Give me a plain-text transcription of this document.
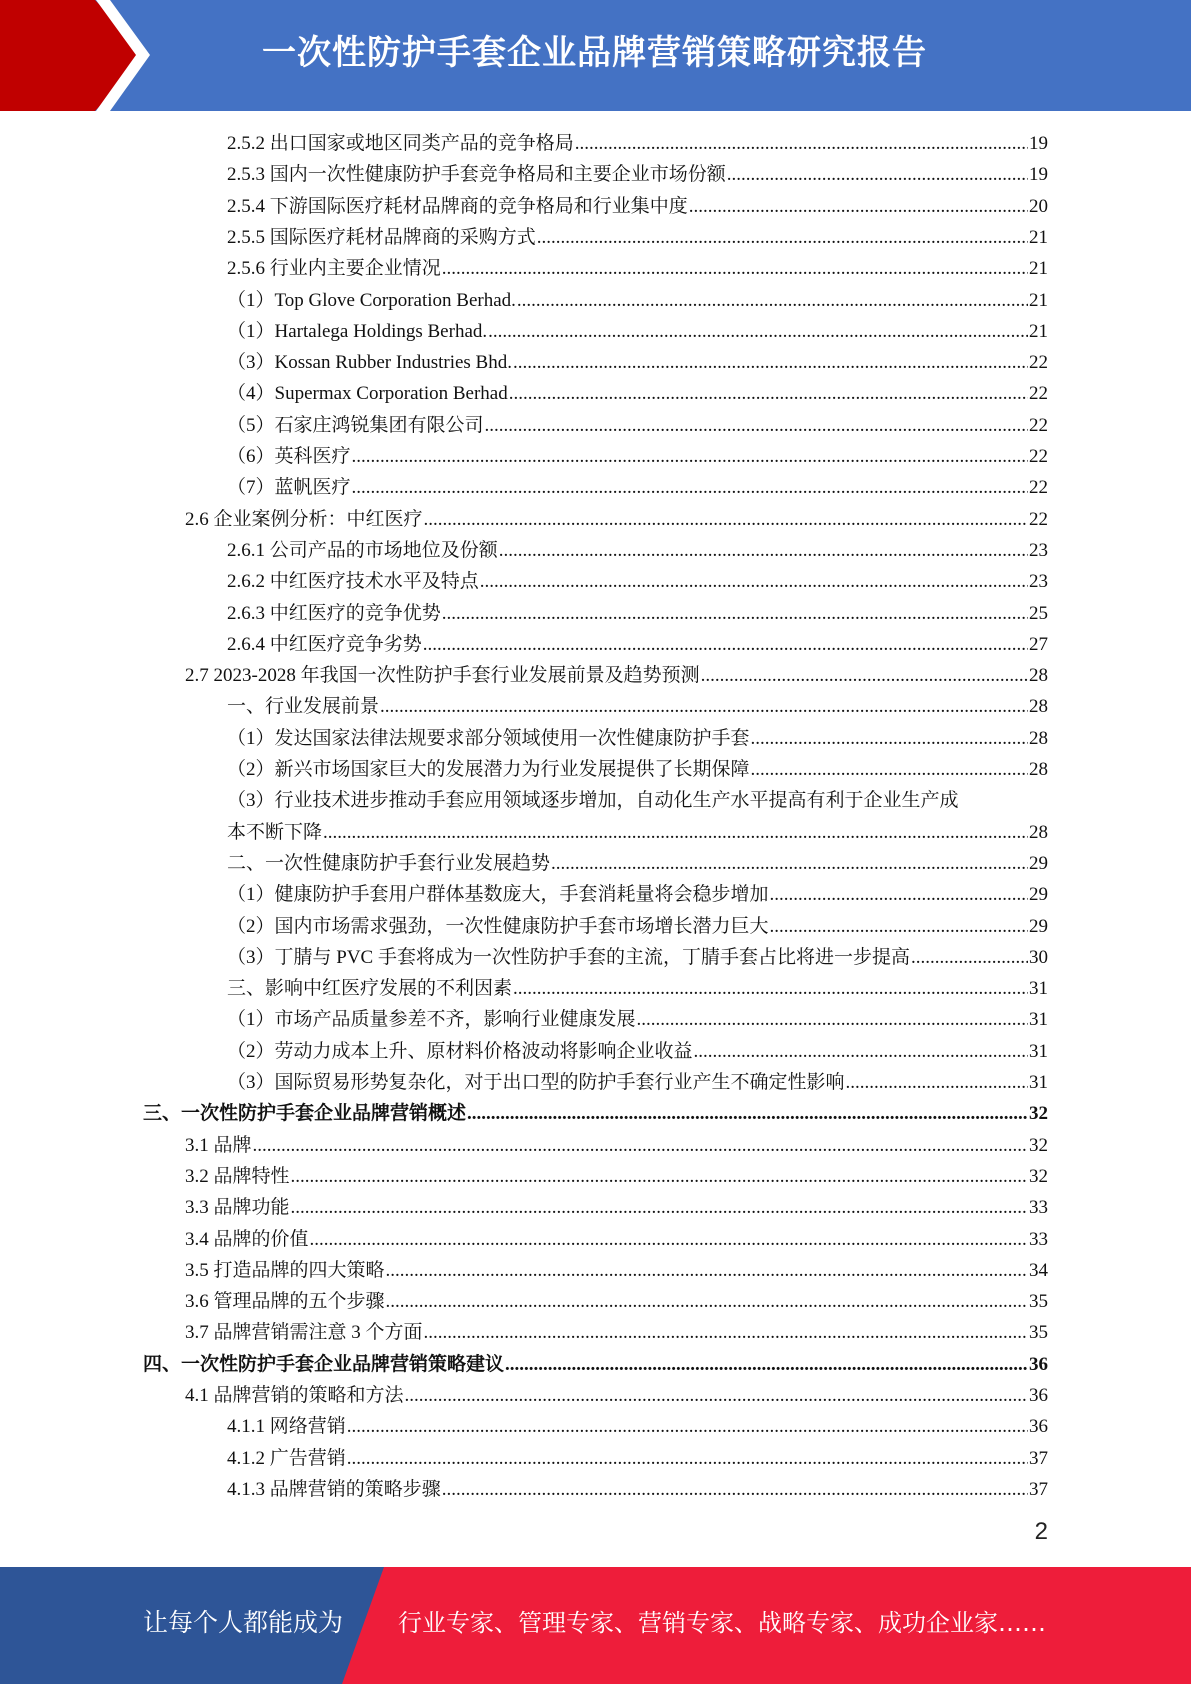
一次性防护手套企业品牌营销策略研究报告
2.5.2 出口国家或地区同类产品的竞争格局 .....	19
2.5.3 国内一次性健康防护手套竞争格局和主要企业市场份额 .....	19
2.5.4 下游国际医疗耗材品牌商的竞争格局和行业集中度 .....	20
2.5.5 国际医疗耗材品牌商的采购方式 .....	21
2.5.6 行业内主要企业情况 .....	21
（1）Top Glove Corporation Berhad. .....	21
（1）Hartalega Holdings Berhad. .....	21
（3）Kossan Rubber Industries Bhd. .....	22
（4）Supermax Corporation Berhad .....	22
（5）石家庄鸿锐集团有限公司 .....	22
（6）英科医疗 .....	22
（7）蓝帆医疗 .....	22
2.6 企业案例分析：中红医疗 .....	22
2.6.1 公司产品的市场地位及份额 .....	23
2.6.2 中红医疗技术水平及特点 .....	23
2.6.3 中红医疗的竞争优势 .....	25
2.6.4 中红医疗竞争劣势 .....	27
2.7 2023-2028 年我国一次性防护手套行业发展前景及趋势预测 .....	28
一、行业发展前景 .....	28
（1）发达国家法律法规要求部分领域使用一次性健康防护手套 .....	28
（2）新兴市场国家巨大的发展潜力为行业发展提供了长期保障 .....	28
（3）行业技术进步推动手套应用领域逐步增加，自动化生产水平提高有利于企业生产成
本不断下降 .....	28
二、一次性健康防护手套行业发展趋势 .....	29
（1）健康防护手套用户群体基数庞大，手套消耗量将会稳步增加 .....	29
（2）国内市场需求强劲，一次性健康防护手套市场增长潜力巨大 .....	29
（3）丁腈与 PVC 手套将成为一次性防护手套的主流，丁腈手套占比将进一步提高 .....	30
三、影响中红医疗发展的不利因素 .....	31
（1）市场产品质量参差不齐，影响行业健康发展 .....	31
（2）劳动力成本上升、原材料价格波动将影响企业收益 .....	31
（3）国际贸易形势复杂化，对于出口型的防护手套行业产生不确定性影响 .....	31
三、一次性防护手套企业品牌营销概述 .....	32
3.1 品牌 .....	32
3.2 品牌特性 .....	32
3.3 品牌功能 .....	33
3.4 品牌的价值 .....	33
3.5 打造品牌的四大策略 .....	34
3.6 管理品牌的五个步骤 .....	35
3.7 品牌营销需注意 3 个方面 .....	35
四、一次性防护手套企业品牌营销策略建议 .....	36
4.1 品牌营销的策略和方法 .....	36
4.1.1 网络营销 .....	36
4.1.2 广告营销 .....	37
4.1.3 品牌营销的策略步骤 .....	37
2
让每个人都能成为 行业专家、管理专家、营销专家、战略专家、成功企业家……
